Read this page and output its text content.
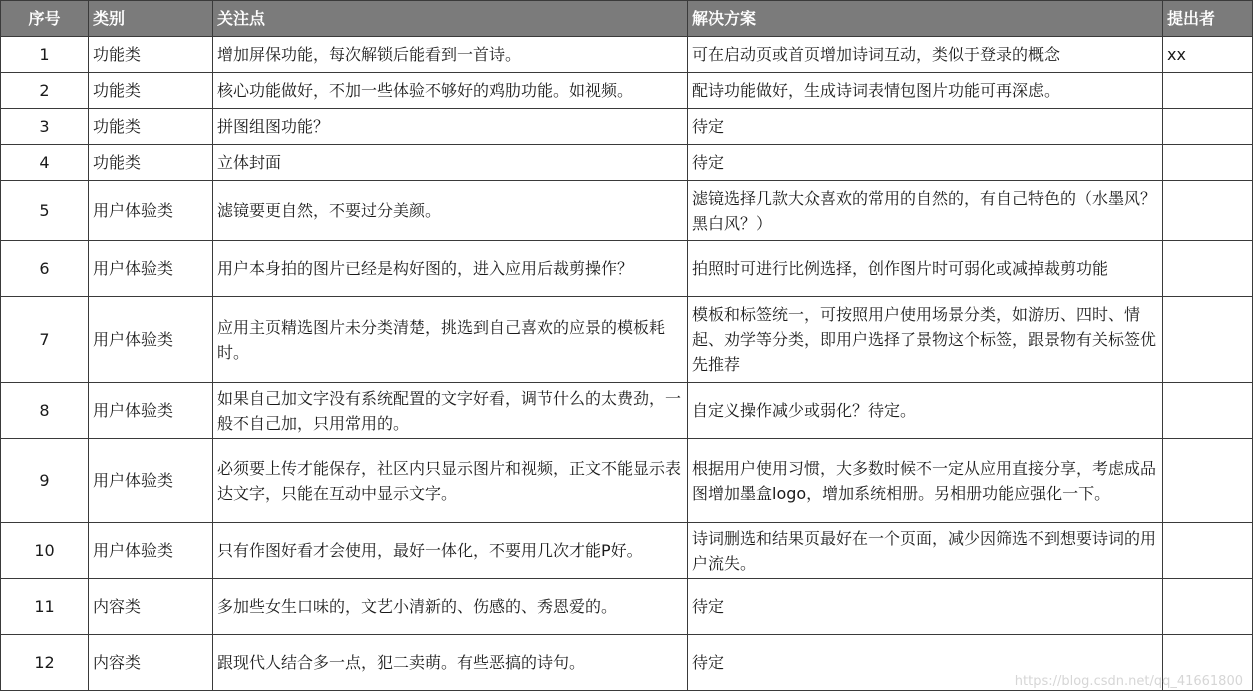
序号	类别	关注点	解决方案	提出者
1	功能类	增加屏保功能，每次解锁后能看到一首诗。	可在启动页或首页增加诗词互动，类似于登录的概念	xx
2	功能类	核心功能做好，不加一些体验不够好的鸡肋功能。如视频。	配诗功能做好，生成诗词表情包图片功能可再深虑。	
3	功能类	拼图组图功能？	待定	
4	功能类	立体封面	待定	
5	用户体验类	滤镜要更自然，不要过分美颜。	滤镜选择几款大众喜欢的常用的自然的，有自己特色的（水墨风？黑白风？）	
6	用户体验类	用户本身拍的图片已经是构好图的，进入应用后裁剪操作？	拍照时可进行比例选择，创作图片时可弱化或减掉裁剪功能	
7	用户体验类	应用主页精选图片未分类清楚，挑选到自己喜欢的应景的模板耗时。	模板和标签统一，可按照用户使用场景分类，如游历、四时、情起、劝学等分类，即用户选择了景物这个标签，跟景物有关标签优先推荐	
8	用户体验类	如果自己加文字没有系统配置的文字好看，调节什么的太费劲，一般不自己加，只用常用的。	自定义操作减少或弱化？待定。	
9	用户体验类	必须要上传才能保存，社区内只显示图片和视频，正文不能显示表达文字，只能在互动中显示文字。	根据用户使用习惯，大多数时候不一定从应用直接分享，考虑成品图增加墨盒logo，增加系统相册。另相册功能应强化一下。	
10	用户体验类	只有作图好看才会使用，最好一体化，不要用几次才能P好。	诗词删选和结果页最好在一个页面，减少因筛选不到想要诗词的用户流失。	
11	内容类	多加些女生口味的，文艺小清新的、伤感的、秀恩爱的。	待定	
12	内容类	跟现代人结合多一点，犯二卖萌。有些恶搞的诗句。	待定	
https://blog.csdn.net/qq_41661800
